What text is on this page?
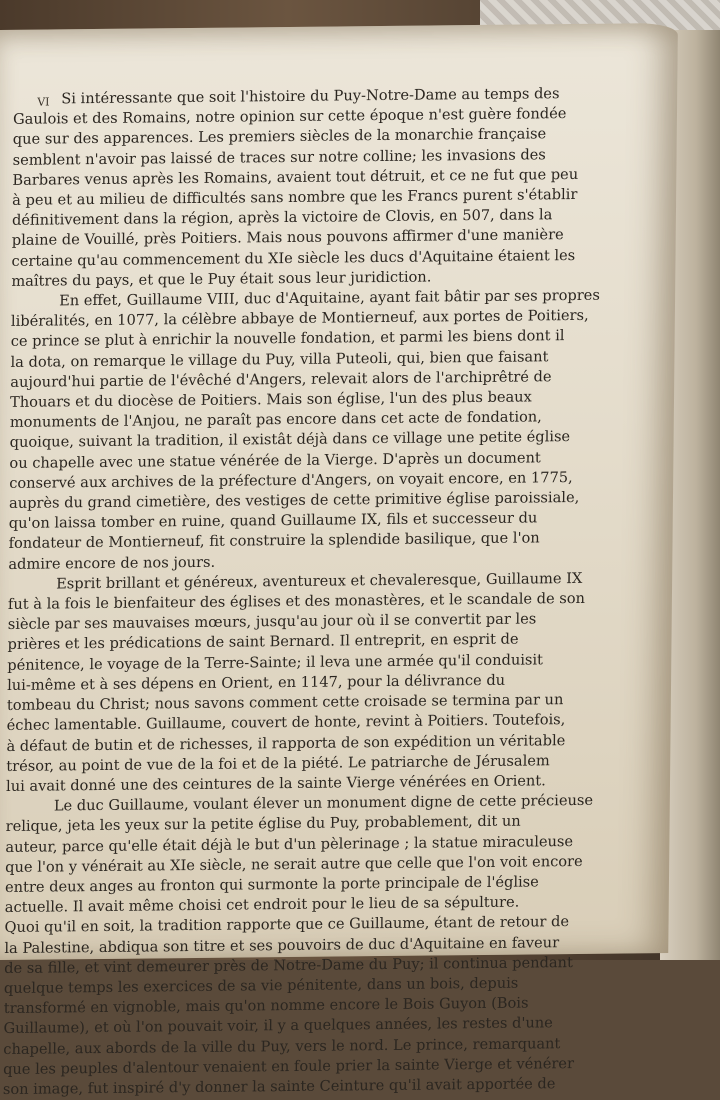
VI Si intéressante que soit l'histoire du Puy-Notre-Dame au temps des
Gaulois et des Romains, notre opinion sur cette époque n'est guère fondée
que sur des apparences. Les premiers siècles de la monarchie française
semblent n'avoir pas laissé de traces sur notre colline; les invasions des
Barbares venus après les Romains, avaient tout détruit, et ce ne fut que peu
à peu et au milieu de difficultés sans nombre que les Francs purent s'établir
définitivement dans la région, après la victoire de Clovis, en 507, dans la
plaine de Vouillé, près Poitiers. Mais nous pouvons affirmer d'une manière
certaine qu'au commencement du XIe siècle les ducs d'Aquitaine étaient les
maîtres du pays, et que le Puy était sous leur juridiction.
En effet, Guillaume VIII, duc d'Aquitaine, ayant fait bâtir par ses propres
libéralités, en 1077, la célèbre abbaye de Montierneuf, aux portes de Poitiers,
ce prince se plut à enrichir la nouvelle fondation, et parmi les biens dont il
la dota, on remarque le village du Puy, villa Puteoli, qui, bien que faisant
aujourd'hui partie de l'évêché d'Angers, relevait alors de l'archiprêtré de
Thouars et du diocèse de Poitiers. Mais son église, l'un des plus beaux
monuments de l'Anjou, ne paraît pas encore dans cet acte de fondation,
quoique, suivant la tradition, il existât déjà dans ce village une petite église
ou chapelle avec une statue vénérée de la Vierge. D'après un document
conservé aux archives de la préfecture d'Angers, on voyait encore, en 1775,
auprès du grand cimetière, des vestiges de cette primitive église paroissiale,
qu'on laissa tomber en ruine, quand Guillaume IX, fils et successeur du
fondateur de Montierneuf, fit construire la splendide basilique, que l'on
admire encore de nos jours.
Esprit brillant et généreux, aventureux et chevaleresque, Guillaume IX
fut à la fois le bienfaiteur des églises et des monastères, et le scandale de son
siècle par ses mauvaises mœurs, jusqu'au jour où il se convertit par les
prières et les prédications de saint Bernard. Il entreprit, en esprit de
pénitence, le voyage de la Terre-Sainte; il leva une armée qu'il conduisit
lui-même et à ses dépens en Orient, en 1147, pour la délivrance du
tombeau du Christ; nous savons comment cette croisade se termina par un
échec lamentable. Guillaume, couvert de honte, revint à Poitiers. Toutefois,
à défaut de butin et de richesses, il rapporta de son expédition un véritable
trésor, au point de vue de la foi et de la piété. Le patriarche de Jérusalem
lui avait donné une des ceintures de la sainte Vierge vénérées en Orient.
Le duc Guillaume, voulant élever un monument digne de cette précieuse
relique, jeta les yeux sur la petite église du Puy, probablement, dit un
auteur, parce qu'elle était déjà le but d'un pèlerinage ; la statue miraculeuse
que l'on y vénérait au XIe siècle, ne serait autre que celle que l'on voit encore
entre deux anges au fronton qui surmonte la porte principale de l'église
actuelle. Il avait même choisi cet endroit pour le lieu de sa sépulture.
Quoi qu'il en soit, la tradition rapporte que ce Guillaume, étant de retour de
la Palestine, abdiqua son titre et ses pouvoirs de duc d'Aquitaine en faveur
de sa fille, et vint demeurer près de Notre-Dame du Puy; il continua pendant
quelque temps les exercices de sa vie pénitente, dans un bois, depuis
transformé en vignoble, mais qu'on nomme encore le Bois Guyon (Bois
Guillaume), et où l'on pouvait voir, il y a quelques années, les restes d'une
chapelle, aux abords de la ville du Puy, vers le nord. Le prince, remarquant
que les peuples d'alentour venaient en foule prier la sainte Vierge et vénérer
son image, fut inspiré d'y donner la sainte Ceinture qu'il avait apportée de
